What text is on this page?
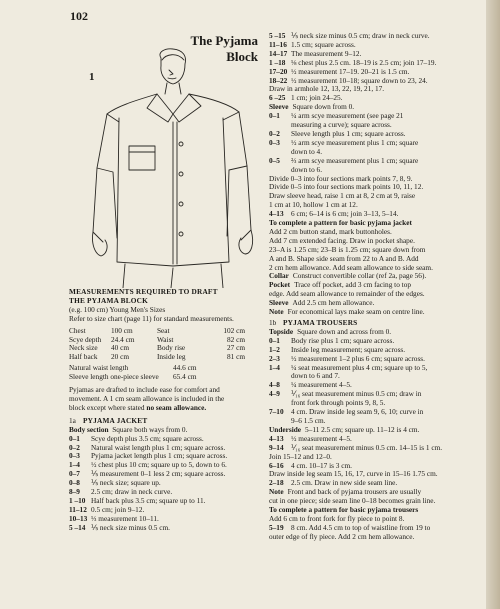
102
The Pyjama
Block
1
MEASUREMENTS REQUIRED TO DRAFT
THE PYJAMA BLOCK
(e.g. 100 cm) Young Men's Sizes
Refer to size chart (page 11) for standard measurements.
Chest	100 cm	Seat	102 cm
Scye depth	24.4 cm	Waist	82 cm
Neck size	40 cm	Body rise	27 cm
Half back	20 cm	Inside leg	81 cm
Natural waist length	44.6 cm
Sleeve length one-piece sleeve 65.4 cm
Pyjamas are drafted to include ease for comfort and
movement. A 1 cm seam allowance is included in the
block except where stated no seam allowance.
1a PYJAMA JACKET
Body section Square both ways from 0.
0–1 Scye depth plus 3.5 cm; square across.
0–2 Natural waist length plus 1 cm; square across.
0–3 Pyjama jacket length plus 1 cm; square across.
1–4 ½ chest plus 10 cm; square up to 5, down to 6.
0–7 ⅕ measurement 0–1 less 2 cm; square across.
0–8 ⅕ neck size; square up.
8–9 2.5 cm; draw in neck curve.
1 –10 Half back plus 3.5 cm; square up to 11.
11–12 0.5 cm; join 9–12.
10–13 ⅓ measurement 10–11.
5 –14 ⅕ neck size minus 0.5 cm.
5 –15 ⅕ neck size minus 0.5 cm; draw in neck curve.
11–16 1.5 cm; square across.
14–17 The measurement 9–12.
1 –18 ⅛ chest plus 2.5 cm. 18–19 is 2.5 cm; join 17–19.
17–20 ½ measurement 17–19. 20–21 is 1.5 cm.
18–22 ½ measurement 10–18; square down to 23, 24.
Draw in armhole 12, 13, 22, 19, 21, 17.
6 –25 1 cm; join 24–25.
Sleeve Square down from 0.
0–1 ¼ arm scye measurement (see page 21
measuring a curve); square across.
0–2 Sleeve length plus 1 cm; square across.
0–3 ½ arm scye measurement plus 1 cm; square
down to 4.
0–5 ⅔ arm scye measurement plus 1 cm; square
down to 6.
Divide 0–3 into four sections mark points 7, 8, 9.
Divide 0–5 into four sections mark points 10, 11, 12.
Draw sleeve head, raise 1 cm at 8, 2 cm at 9, raise
1 cm at 10, hollow 1 cm at 12.
4–13 6 cm; 6–14 is 6 cm; join 3–13, 5–14.
To complete a pattern for basic pyjama jacket
Add 2 cm button stand, mark buttonholes.
Add 7 cm extended facing. Draw in pocket shape.
23–A is 1.25 cm; 23–B is 1.25 cm; square down from
A and B. Shape side seam from 22 to A and B. Add
2 cm hem allowance. Add seam allowance to side seam.
Collar Construct convertible collar (ref 2a, page 56).
Pocket Trace off pocket, add 3 cm facing to top
edge. Add seam allowance to remainder of the edges.
Sleeve Add 2.5 cm hem allowance.
Note For economical lays make seam on centre line.
1b PYJAMA TROUSERS
Topside Square down and across from 0.
0–1 Body rise plus 1 cm; square across.
1–2 Inside leg measurement; square across.
2–3 ½ measurement 1–2 plus 6 cm; square across.
1–4 ¼ seat measurement plus 4 cm; square up to 5,
down to 6 and 7.
4–8 ¼ measurement 4–5.
4–9 ⅟₁₆ seat measurement minus 0.5 cm; draw in
front fork through points 9, 8, 5.
7–10 4 cm. Draw inside leg seam 9, 6, 10; curve in
9–6 1.5 cm.
Underside 5–11 2.5 cm; square up. 11–12 is 4 cm.
4–13 ½ measurement 4–5.
9–14 ⅟₁₆ seat measurement minus 0.5 cm. 14–15 is 1 cm.
Join 15–12 and 12–0.
6–16 4 cm. 10–17 is 3 cm.
Draw inside leg seam 15, 16, 17, curve in 15–16 1.75 cm.
2–18 2.5 cm. Draw in new side seam line.
Note Front and back of pyjama trousers are usually
cut in one piece; side seam line 0–18 becomes grain line.
To complete a pattern for basic pyjama trousers
Add 6 cm to front fork for fly piece to point 8.
5–19 8 cm. Add 4.5 cm to top of waistline from 19 to
outer edge of fly piece. Add 2 cm hem allowance.
